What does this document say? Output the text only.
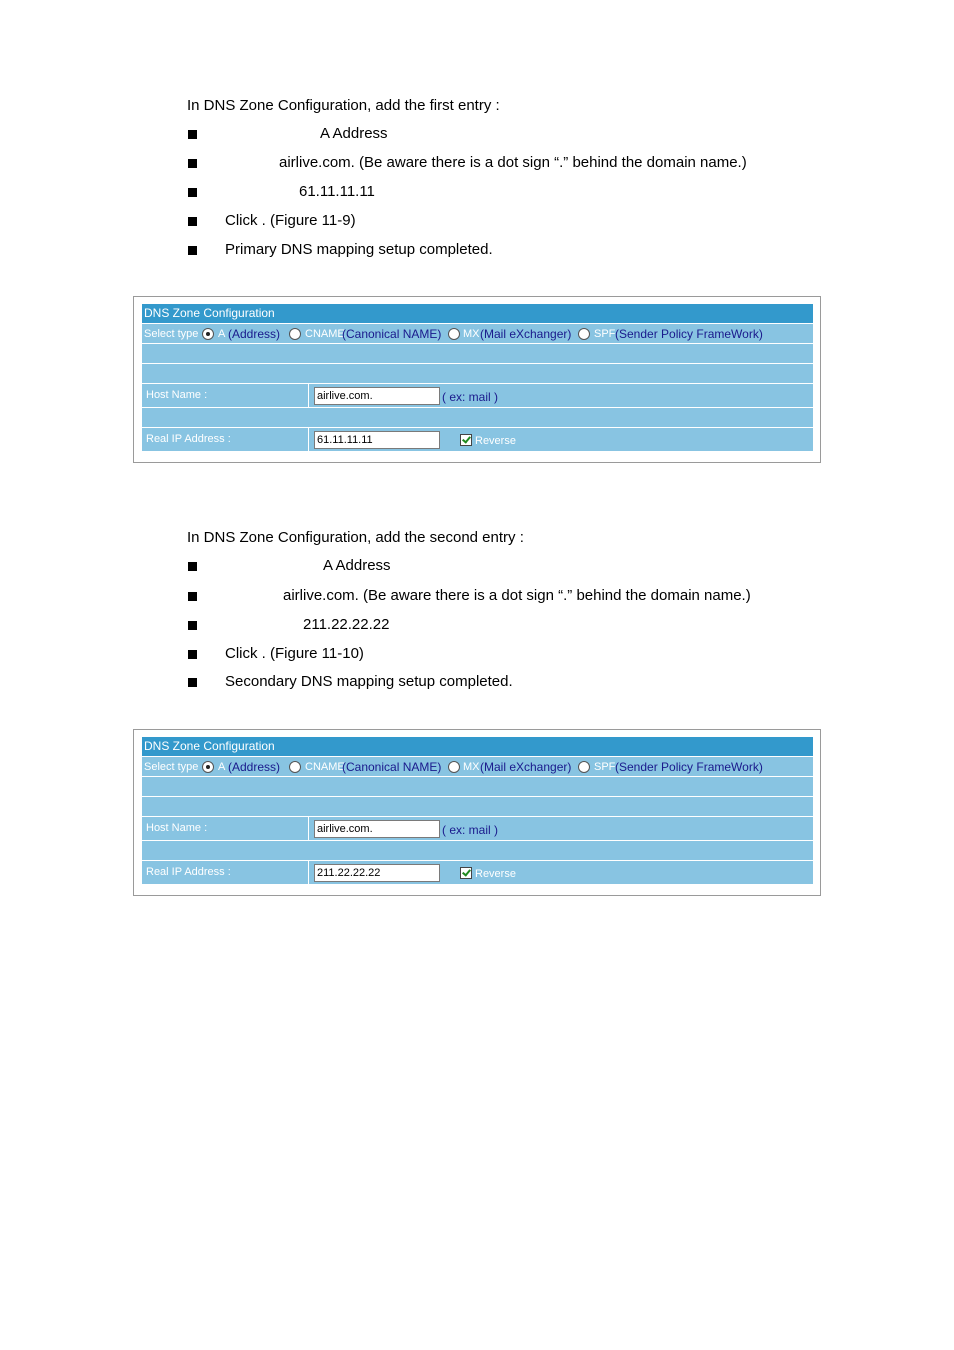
In DNS Zone Configuration, add the first entry :
A Address
airlive.com. (Be aware there is a dot sign “.” behind the domain name.)
61.11.11.11
Click . (Figure 11-9)
Primary DNS mapping setup completed.
DNS Zone Configuration
Select type A (Address) CNAME
(Canonical NAME) MX (Mail eXchanger) SPF (Sender Policy FrameWork)
Host Name :	airlive.com.	( ex: mail )
Real IP Address :	61.11.11.11	Reverse
In DNS Zone Configuration, add the second entry :
A Address
airlive.com. (Be aware there is a dot sign “.” behind the domain name.)
211.22.22.22
Click . (Figure 11-10)
Secondary DNS mapping setup completed.
DNS Zone Configuration
Select type A (Address) CNAME
(Canonical NAME) MX (Mail eXchanger) SPF (Sender Policy FrameWork)
Host Name :	airlive.com.	( ex: mail )
Real IP Address :	211.22.22.22	Reverse
